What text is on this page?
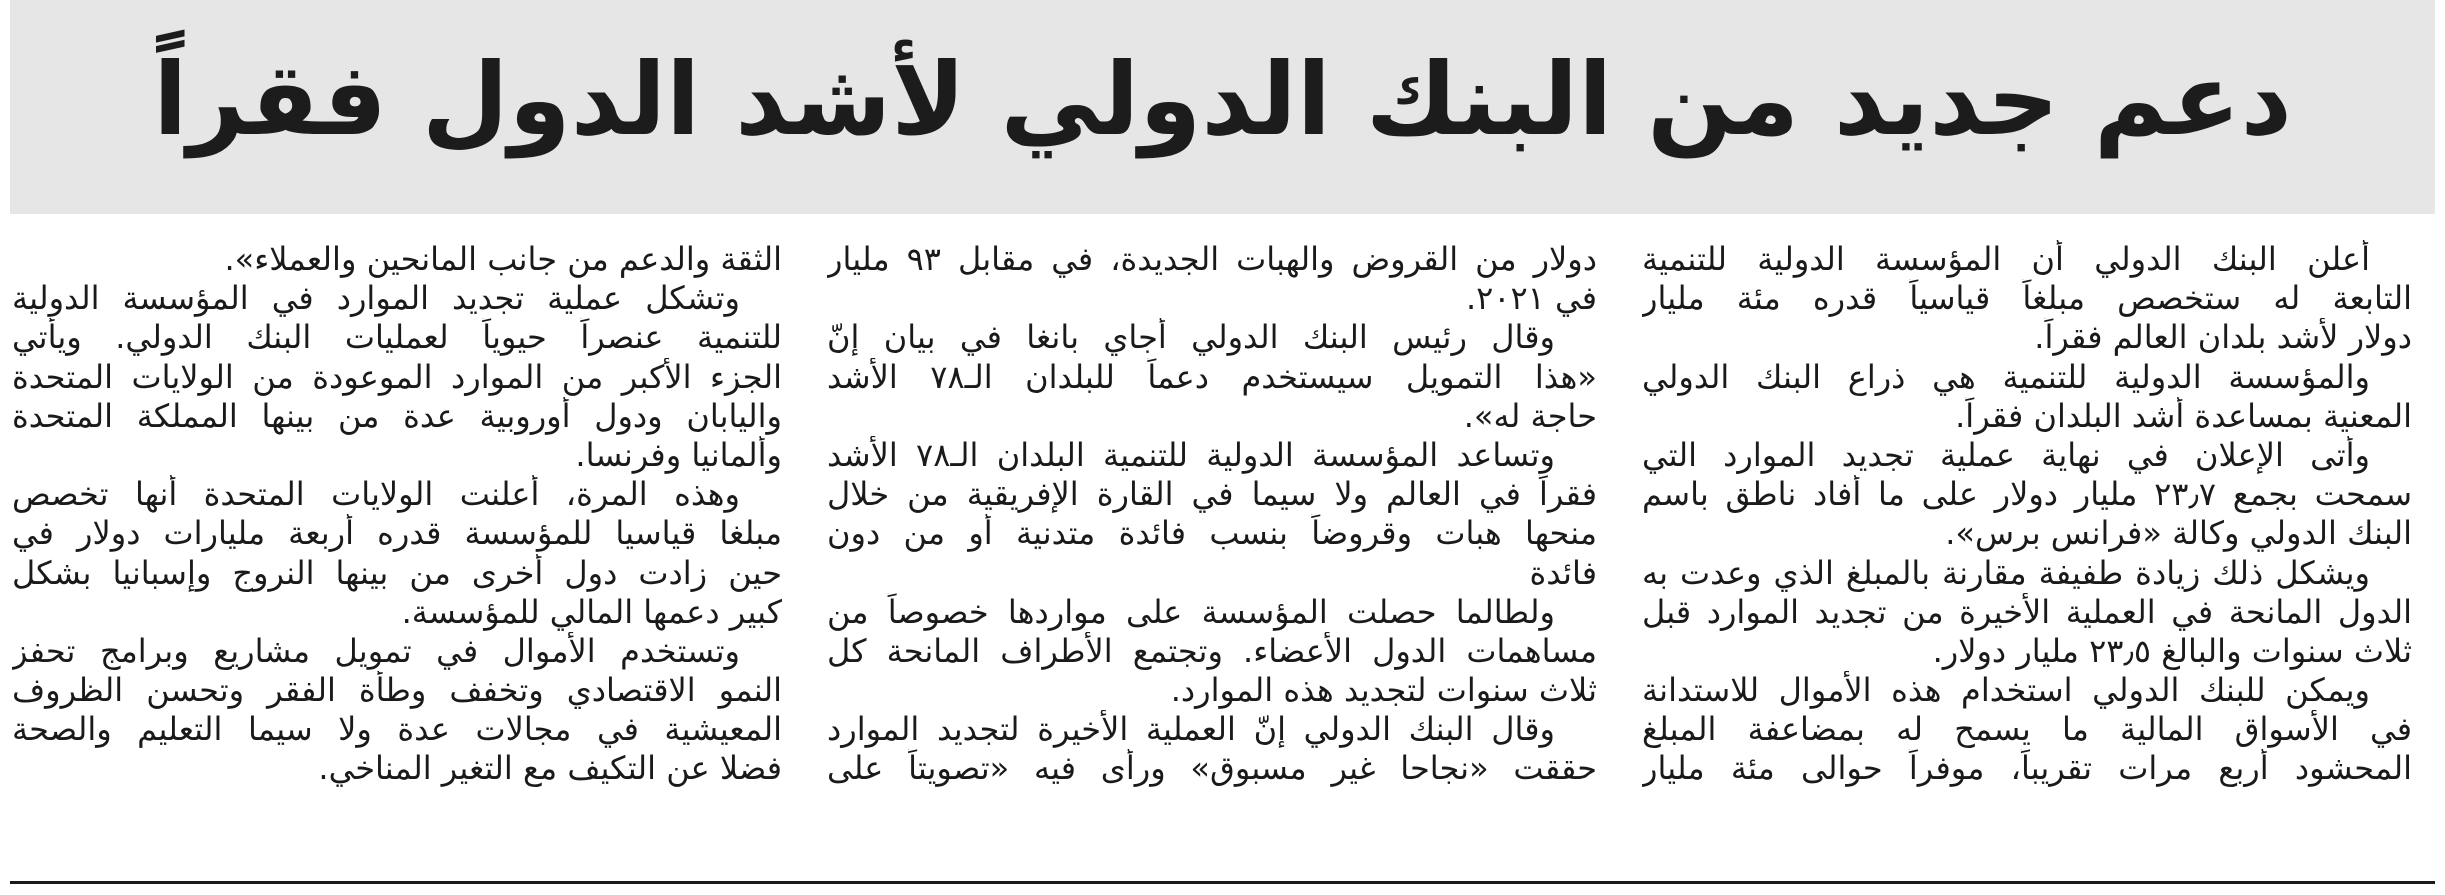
دعم جديد من البنك الدولي لأشد الدول فقراً
أعلن البنك الدولي أن المؤسسة الدولية للتنمية
التابعة له ستخصص مبلغاً قياسياً قدره مئة مليار
دولار لأشد بلدان العالم فقراً.
والمؤسسة الدولية للتنمية هي ذراع البنك الدولي
المعنية بمساعدة أشد البلدان فقراً.
وأتى الإعلان في نهاية عملية تجديد الموارد التي
سمحت بجمع ٢٣٫٧ مليار دولار على ما أفاد ناطق باسم
البنك الدولي وكالة «فرانس برس».
ويشكل ذلك زيادة طفيفة مقارنة بالمبلغ الذي وعدت به
الدول المانحة في العملية الأخيرة من تجديد الموارد قبل
ثلاث سنوات والبالغ ٢٣٫٥ مليار دولار.
ويمكن للبنك الدولي استخدام هذه الأموال للاستدانة
في الأسواق المالية ما يسمح له بمضاعفة المبلغ
المحشود أربع مرات تقريباً، موفراً حوالى مئة مليار
دولار من القروض والهبات الجديدة، في مقابل ٩٣ مليار
في ٢٠٢١.
وقال رئيس البنك الدولي أجاي بانغا في بيان إنّ
«هذا التمويل سيستخدم دعماً للبلدان الـ٧٨ الأشد
حاجة له».
وتساعد المؤسسة الدولية للتنمية البلدان الـ٧٨ الأشد
فقراً في العالم ولا سيما في القارة الإفريقية من خلال
منحها هبات وقروضاً بنسب فائدة متدنية أو من دون
فائدة
ولطالما حصلت المؤسسة على مواردها خصوصاً من
مساهمات الدول الأعضاء. وتجتمع الأطراف المانحة كل
ثلاث سنوات لتجديد هذه الموارد.
وقال البنك الدولي إنّ العملية الأخيرة لتجديد الموارد
حققت «نجاحا غير مسبوق» ورأى فيه «تصويتاً على
الثقة والدعم من جانب المانحين والعملاء».
وتشكل عملية تجديد الموارد في المؤسسة الدولية
للتنمية عنصراً حيوياً لعمليات البنك الدولي. ويأتي
الجزء الأكبر من الموارد الموعودة من الولايات المتحدة
واليابان ودول أوروبية عدة من بينها المملكة المتحدة
وألمانيا وفرنسا.
وهذه المرة، أعلنت الولايات المتحدة أنها تخصص
مبلغا قياسيا للمؤسسة قدره أربعة مليارات دولار في
حين زادت دول أخرى من بينها النروج وإسبانيا بشكل
كبير دعمها المالي للمؤسسة.
وتستخدم الأموال في تمويل مشاريع وبرامج تحفز
النمو الاقتصادي وتخفف وطأة الفقر وتحسن الظروف
المعيشية في مجالات عدة ولا سيما التعليم والصحة
فضلا عن التكيف مع التغير المناخي.
